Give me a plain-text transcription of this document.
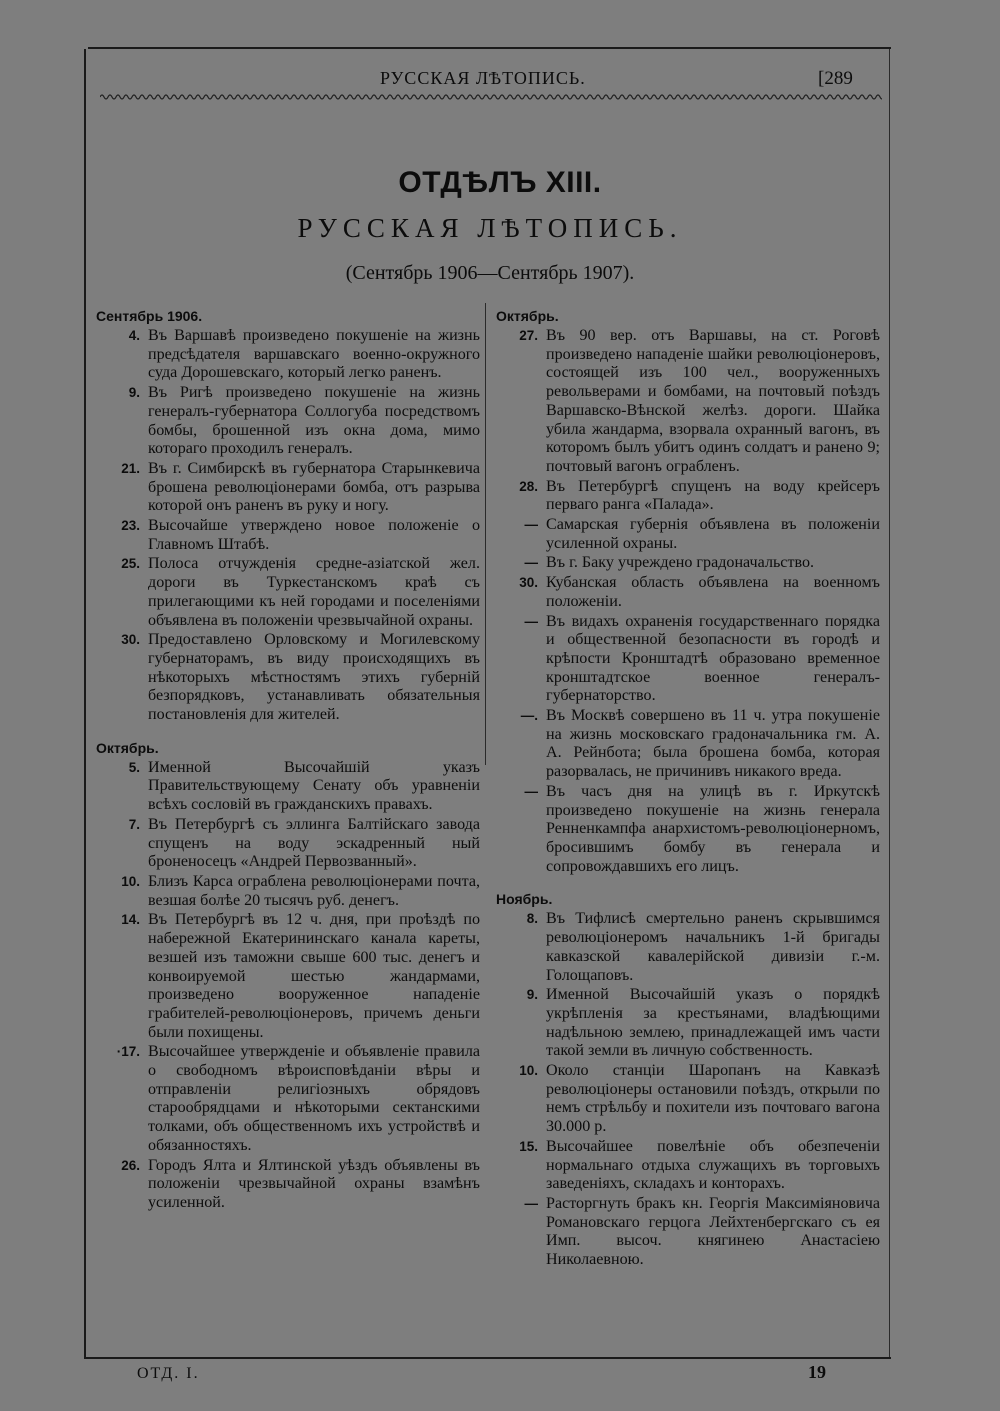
РУСCКАЯ ЛѢТОПИСЬ.	[289
ОТДѢЛЪ XIII.
РУССКАЯ ЛѢТОПИСЬ.
(Сентябрь 1906—Сентябрь 1907).
Сентябрь 1906.
4. Въ Варшавѣ произведено покушеніе на жизнь предсѣдателя варшавскаго военно-окружного суда Дорошевскаго, который легко раненъ.
9. Въ Ригѣ произведено покушеніе на жизнь генералъ-губернатора Соллогуба посредствомъ бомбы, брошенной изъ окна дома, мимо котораго проходилъ генералъ.
21. Въ г. Симбирскѣ въ губернатора Старынкевича брошена революціонерами бомба, отъ разрыва которой онъ раненъ въ руку и ногу.
23. Высочайше утверждено новое положеніе о Главномъ Штабѣ.
25. Полоса отчужденія средне-азіатской жел. дороги въ Туркестанскомъ краѣ съ прилегающими къ ней городами и поселеніями объявлена въ положеніи чрезвычайной охраны.
30. Предоставлено Орловскому и Могилевскому губернаторамъ, въ виду происходящихъ въ нѣкоторыхъ мѣстностямъ этихъ губерній безпорядковъ, устанавливать обязательныя постановленія для жителей.
Октябрь.
5. Именной Высочайшій указъ Правительствующему Сенату объ уравненіи всѣхъ сословій въ гражданскихъ правахъ.
7. Въ Петербургѣ съ эллинга Балтійскаго завода спущенъ на воду эскадренный ный броненосецъ «Андрей Первозванный».
10. Близъ Карса ограблена революціонерами почта, везшая болѣе 20 тысячъ руб. денегъ.
14. Въ Петербургѣ въ 12 ч. дня, при проѣздѣ по набережной Екатерининскаго канала кареты, везшей изъ таможни свыше 600 тыс. денегъ и конвоируемой шестью жандармами, произведено вооруженное нападеніе грабителей-революціонеровъ, причемъ деньги были похищены.
·17. Высочайшее утвержденіе и объявленіе правила о свободномъ вѣроисповѣданіи вѣры и отправленіи религіозныхъ обрядовъ старообрядцами и нѣкоторыми сектанскими толками, объ общественномъ ихъ устройствѣ и обязанностяхъ.
26. Городъ Ялта и Ялтинской уѣздъ объявлены въ положеніи чрезвычайной охраны взамѣнъ усиленной.
Октябрь.
27. Въ 90 вер. отъ Варшавы, на ст. Роговѣ произведено нападеніе шайки революціонеровъ, состоящей изъ 100 чел., вооруженныхъ револьверами и бомбами, на почтовый поѣздъ Варшавско-Вѣнской желѣз. дороги. Шайка убила жандарма, взорвала охранный вагонъ, въ которомъ былъ убитъ одинъ солдатъ и ранено 9; почтовый вагонъ ограбленъ.
28. Въ Петербургѣ спущенъ на воду крейсеръ перваго ранга «Палада».
— Самарская губернія объявлена въ положеніи усиленной охраны.
— Въ г. Баку учреждено градоначальство.
30. Кубанская область объявлена на военномъ положеніи.
— Въ видахъ охраненія государственнаго порядка и общественной безопасности въ городѣ и крѣпости Кронштадтѣ образовано временное кронштадтское военное генералъ-губернаторство.
—. Въ Москвѣ совершено въ 11 ч. утра покушеніе на жизнь московскаго градоначальника гм. А. А. Рейнбота; была брошена бомба, которая разорвалась, не причинивъ никакого вреда.
— Въ часъ дня на улицѣ въ г. Иркутскѣ произведено покушеніе на жизнь генерала Ренненкампфа анархистомъ-революціонерномъ, бросившимъ бомбу въ генерала и сопровождавшихъ его лицъ.
Ноябрь.
8. Въ Тифлисѣ смертельно раненъ скрывшимся революціонеромъ начальникъ 1-й бригады кавказской кавалерійской дивизіи г.-м. Голощаповъ.
9. Именной Высочайшій указъ о порядкѣ укрѣпленія за крестьянами, владѣющими надѣльною землею, принадлежащей имъ части такой земли въ личную собственность.
10. Около станціи Шаропанъ на Кавказѣ революціонеры остановили поѣздъ, открыли по немъ стрѣльбу и похители изъ почтоваго вагона 30.000 р.
15. Высочайшее повелѣніе объ обезпеченіи нормальнаго отдыха служащихъ въ торговыхъ заведеніяхъ, складахъ и конторахъ.
— Расторгнуть бракъ кн. Георгія Максиміяновича Романовскаго герцога Лейхтенбергскаго съ ея Имп. высоч. княгинею Анастасіею Николаевною.
ОТД. I.	19
